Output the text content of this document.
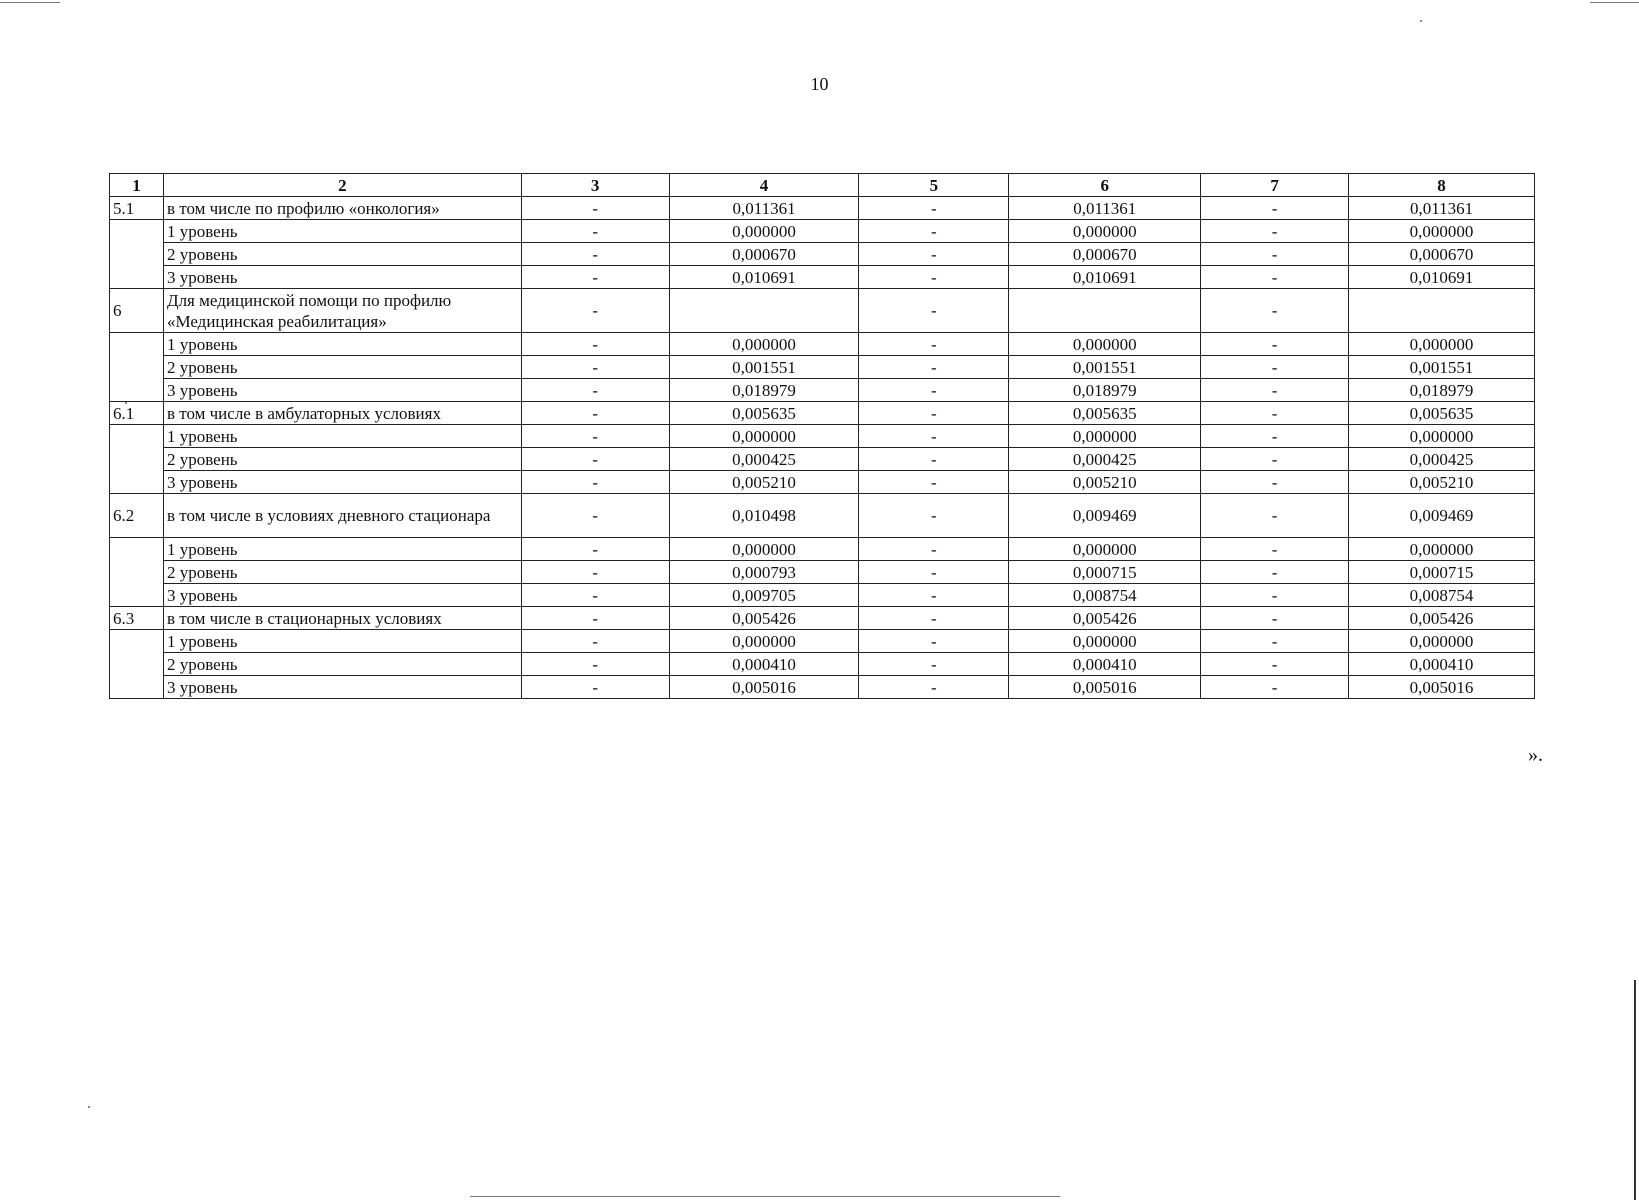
10
1	2	3	4	5	6	7	8
5.1	в том числе по профилю «онкология»	-	0,011361	-	0,011361	-	0,011361
	1 уровень	-	0,000000	-	0,000000	-	0,000000
	2 уровень	-	0,000670	-	0,000670	-	0,000670
	3 уровень	-	0,010691	-	0,010691	-	0,010691
6	Для медицинской помощи по профилю «Медицинская реабилитация»	-		-		-	
	1 уровень	-	0,000000	-	0,000000	-	0,000000
	2 уровень	-	0,001551	-	0,001551	-	0,001551
	3 уровень	-	0,018979	-	0,018979	-	0,018979
6.1	в том числе в амбулаторных условиях	-	0,005635	-	0,005635	-	0,005635
	1 уровень	-	0,000000	-	0,000000	-	0,000000
	2 уровень	-	0,000425	-	0,000425	-	0,000425
	3 уровень	-	0,005210	-	0,005210	-	0,005210
6.2	в том числе в условиях дневного стационара	-	0,010498	-	0,009469	-	0,009469
	1 уровень	-	0,000000	-	0,000000	-	0,000000
	2 уровень	-	0,000793	-	0,000715	-	0,000715
	3 уровень	-	0,009705	-	0,008754	-	0,008754
6.3	в том числе в стационарных условиях	-	0,005426	-	0,005426	-	0,005426
	1 уровень	-	0,000000	-	0,000000	-	0,000000
	2 уровень	-	0,000410	-	0,000410	-	0,000410
	3 уровень	-	0,005016	-	0,005016	-	0,005016
».
